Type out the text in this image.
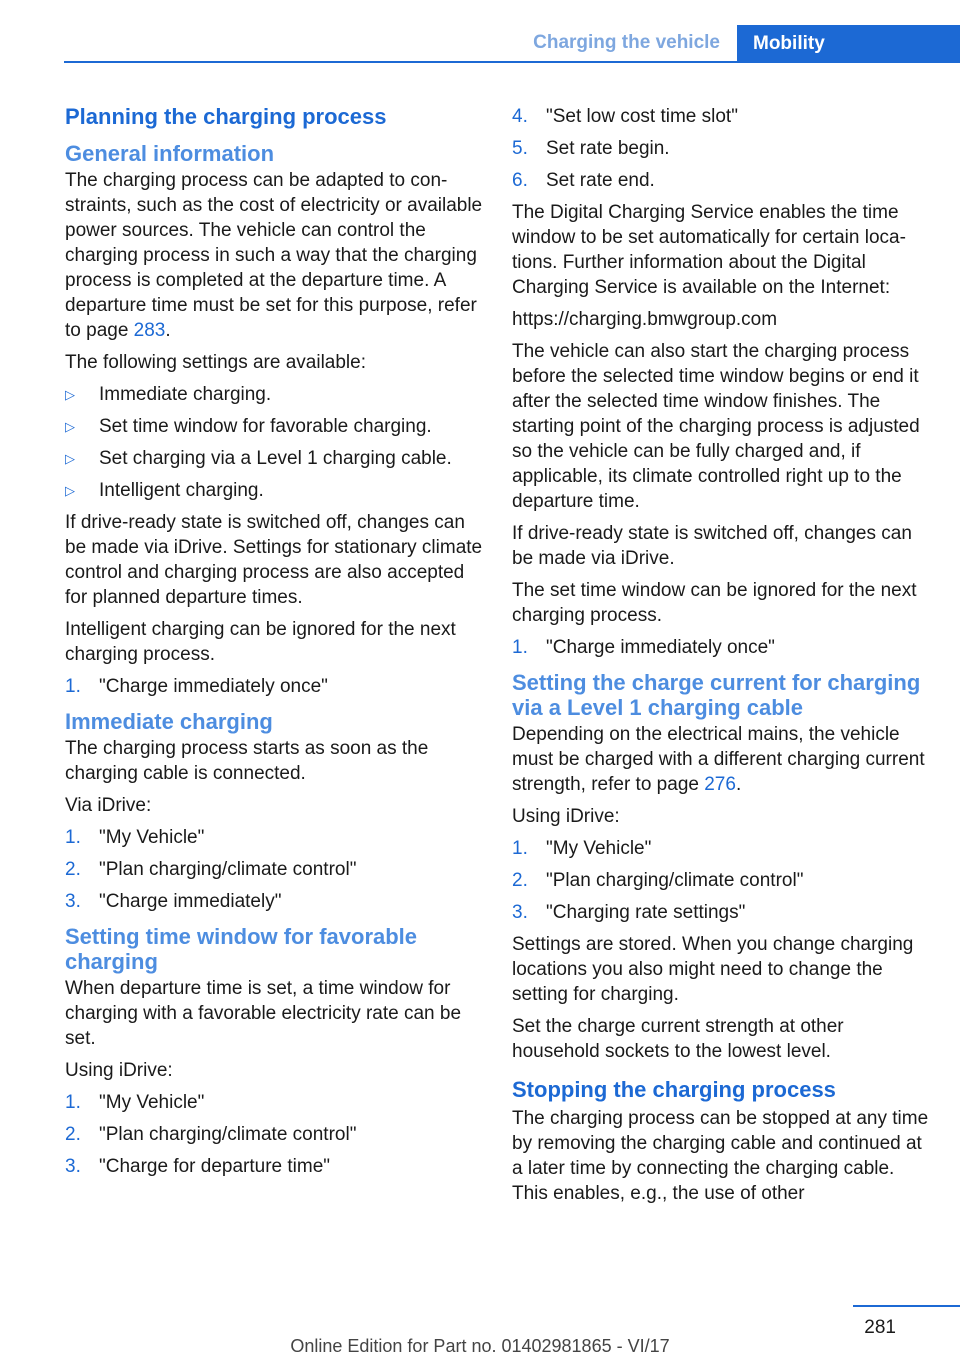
Charging the vehicle	Mobility
Planning the charging process
General information

The charging process can be adapted to constraints, such as the cost of electricity or available power sources. The vehicle can control the charging process in such a way that the charging process is completed at the departure time. A departure time must be set for this purpose, refer to page 283.

The following settings are available:

▷ Immediate charging.
▷ Set time window for favorable charging.
▷ Set charging via a Level 1 charging cable.
▷ Intelligent charging.

If drive-ready state is switched off, changes can be made via iDrive. Settings for stationary climate control and charging process are also accepted for planned departure times.

Intelligent charging can be ignored for the next charging process.

1. "Charge immediately once"
Immediate charging

The charging process starts as soon as the charging cable is connected.

Via iDrive:

1. "My Vehicle"
2. "Plan charging/climate control"
3. "Charge immediately"
Setting time window for favorable charging

When departure time is set, a time window for charging with a favorable electricity rate can be set.

Using iDrive:

1. "My Vehicle"
2. "Plan charging/climate control"
3. "Charge for departure time"
4. "Set low cost time slot"
5. Set rate begin.
6. Set rate end.

The Digital Charging Service enables the time window to be set automatically for certain locations. Further information about the Digital Charging Service is available on the Internet:

https://charging.bmwgroup.com

The vehicle can also start the charging process before the selected time window begins or end it after the selected time window finishes. The starting point of the charging process is adjusted so the vehicle can be fully charged and, if applicable, its climate controlled right up to the departure time.

If drive-ready state is switched off, changes can be made via iDrive.

The set time window can be ignored for the next charging process.

1. "Charge immediately once"
Setting the charge current for charging via a Level 1 charging cable

Depending on the electrical mains, the vehicle must be charged with a different charging current strength, refer to page 276.

Using iDrive:

1. "My Vehicle"
2. "Plan charging/climate control"
3. "Charging rate settings"

Settings are stored. When you change charging locations you also might need to change the setting for charging.

Set the charge current strength at other household sockets to the lowest level.

Stopping the charging process

The charging process can be stopped at any time by removing the charging cable and continued at a later time by connecting the charging cable. This enables, e.g., the use of other

281
Online Edition for Part no. 01402981865 - VI/17
